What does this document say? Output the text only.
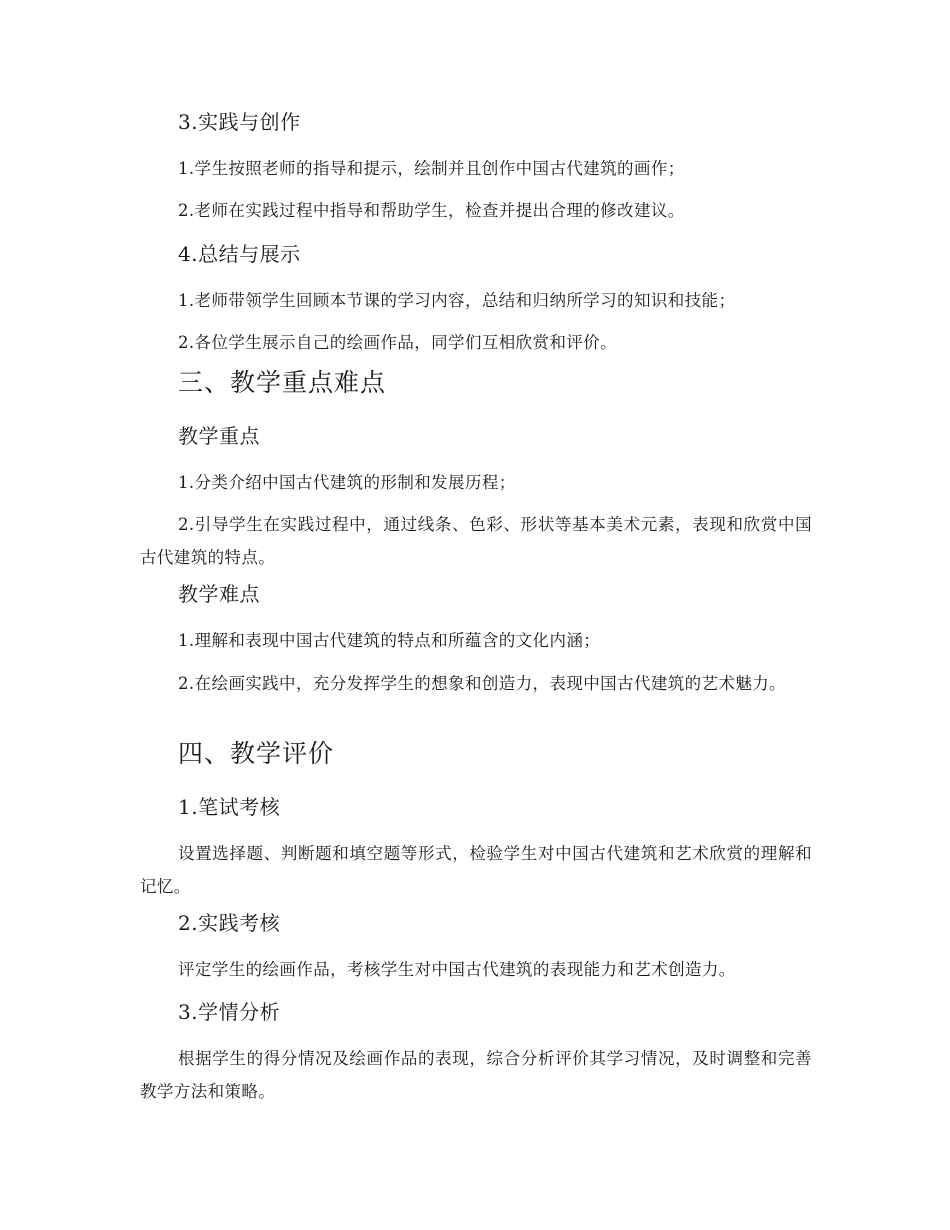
3.实践与创作
1.学生按照老师的指导和提示，绘制并且创作中国古代建筑的画作；
2.老师在实践过程中指导和帮助学生，检查并提出合理的修改建议。
4.总结与展示
1.老师带领学生回顾本节课的学习内容，总结和归纳所学习的知识和技能；
2.各位学生展示自己的绘画作品，同学们互相欣赏和评价。
三、教学重点难点
教学重点
1.分类介绍中国古代建筑的形制和发展历程；
2.引导学生在实践过程中，通过线条、色彩、形状等基本美术元素，表现和欣赏中国古代建筑的特点。
教学难点
1.理解和表现中国古代建筑的特点和所蕴含的文化内涵；
2.在绘画实践中，充分发挥学生的想象和创造力，表现中国古代建筑的艺术魅力。
四、教学评价
1.笔试考核
设置选择题、判断题和填空题等形式，检验学生对中国古代建筑和艺术欣赏的理解和记忆。
2.实践考核
评定学生的绘画作品，考核学生对中国古代建筑的表现能力和艺术创造力。
3.学情分析
根据学生的得分情况及绘画作品的表现，综合分析评价其学习情况，及时调整和完善教学方法和策略。
